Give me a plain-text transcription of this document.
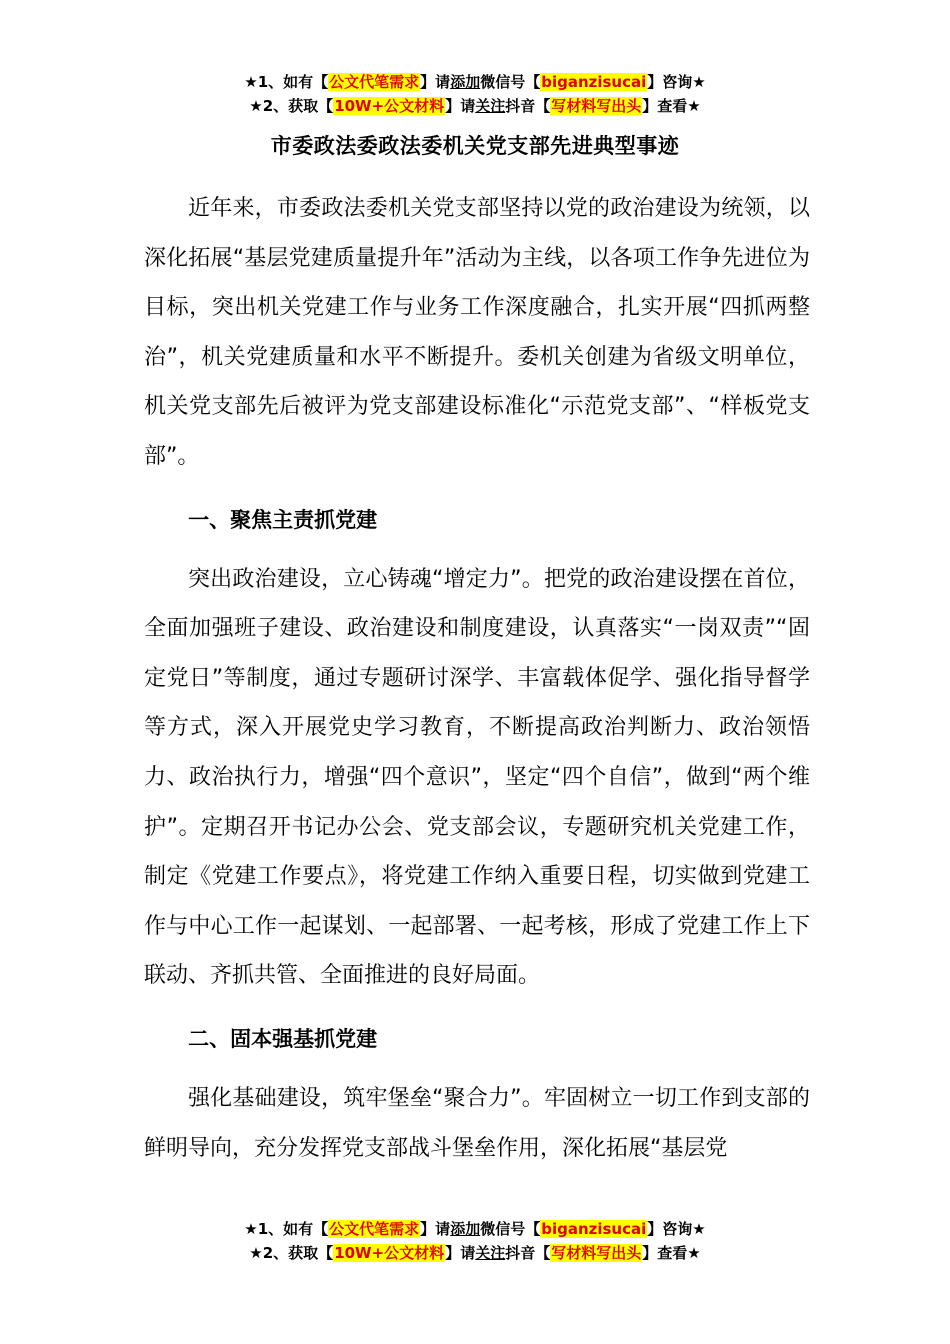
★1、如有【公文代笔需求】请添加微信号【biganzisucai】咨询★
★2、获取【10W+公文材料】请关注抖音【写材料写出头】查看★
市委政法委政法委机关党支部先进典型事迹

近年来，市委政法委机关党支部坚持以党的政治建设为统领，以深化拓展“基层党建质量提升年”活动为主线，以各项工作争先进位为目标，突出机关党建工作与业务工作深度融合，扎实开展“四抓两整治”，机关党建质量和水平不断提升。委机关创建为省级文明单位，机关党支部先后被评为党支部建设标准化“示范党支部”、“样板党支部”。

一、聚焦主责抓党建

突出政治建设，立心铸魂“增定力”。把党的政治建设摆在首位，全面加强班子建设、政治建设和制度建设，认真落实“一岗双责”“固定党日”等制度，通过专题研讨深学、丰富载体促学、强化指导督学等方式，深入开展党史学习教育，不断提高政治判断力、政治领悟力、政治执行力，增强“四个意识”，坚定“四个自信”，做到“两个维护”。定期召开书记办公会、党支部会议，专题研究机关党建工作，制定《党建工作要点》，将党建工作纳入重要日程，切实做到党建工作与中心工作一起谋划、一起部署、一起考核，形成了党建工作上下联动、齐抓共管、全面推进的良好局面。

二、固本强基抓党建

强化基础建设，筑牢堡垒“聚合力”。牢固树立一切工作到支部的鲜明导向，充分发挥党支部战斗堡垒作用，深化拓展“基层党

★1、如有【公文代笔需求】请添加微信号【biganzisucai】咨询★
★2、获取【10W+公文材料】请关注抖音【写材料写出头】查看★
